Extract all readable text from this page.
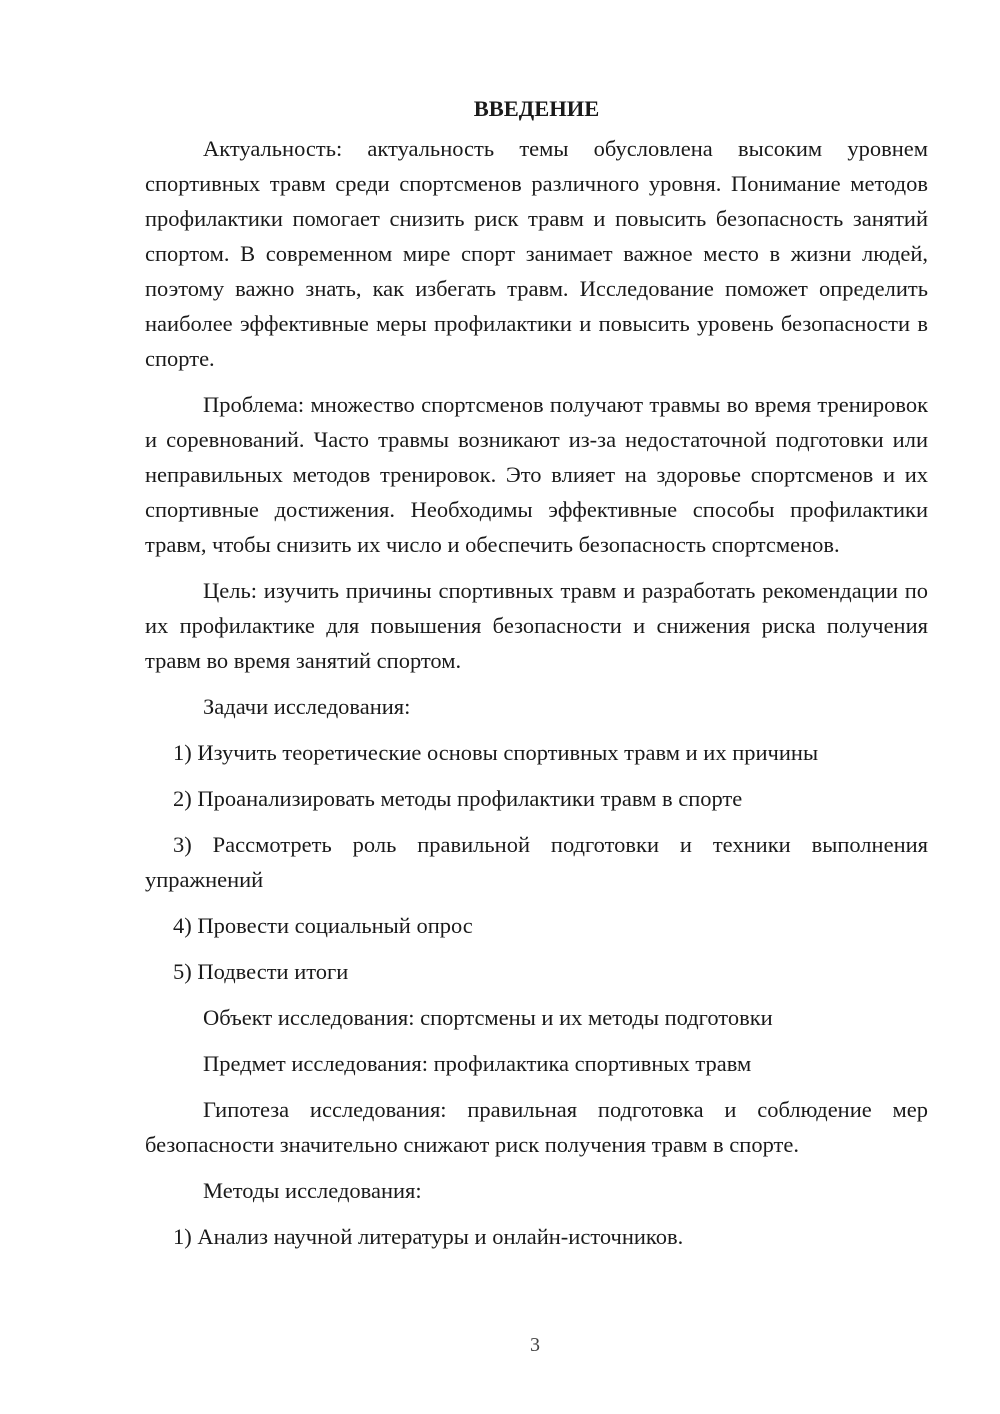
ВВЕДЕНИЕ

Актуальность: актуальность темы обусловлена высоким уровнем спортивных травм среди спортсменов различного уровня. Понимание методов профилактики помогает снизить риск травм и повысить безопасность занятий спортом. В современном мире спорт занимает важное место в жизни людей, поэтому важно знать, как избегать травм. Исследование поможет определить наиболее эффективные меры профилактики и повысить уровень безопасности в спорте.

Проблема: множество спортсменов получают травмы во время тренировок и соревнований. Часто травмы возникают из-за недостаточной подготовки или неправильных методов тренировок. Это влияет на здоровье спортсменов и их спортивные достижения. Необходимы эффективные способы профилактики травм, чтобы снизить их число и обеспечить безопасность спортсменов.

Цель: изучить причины спортивных травм и разработать рекомендации по их профилактике для повышения безопасности и снижения риска получения травм во время занятий спортом.

Задачи исследования:

1) Изучить теоретические основы спортивных травм и их причины

2) Проанализировать методы профилактики травм в спорте

3) Рассмотреть роль правильной подготовки и техники выполнения упражнений

4) Провести социальный опрос

5) Подвести итоги

Объект исследования: спортсмены и их методы подготовки

Предмет исследования: профилактика спортивных травм

Гипотеза исследования: правильная подготовка и соблюдение мер безопасности значительно снижают риск получения травм в спорте.

Методы исследования:

1) Анализ научной литературы и онлайн-источников.

3
